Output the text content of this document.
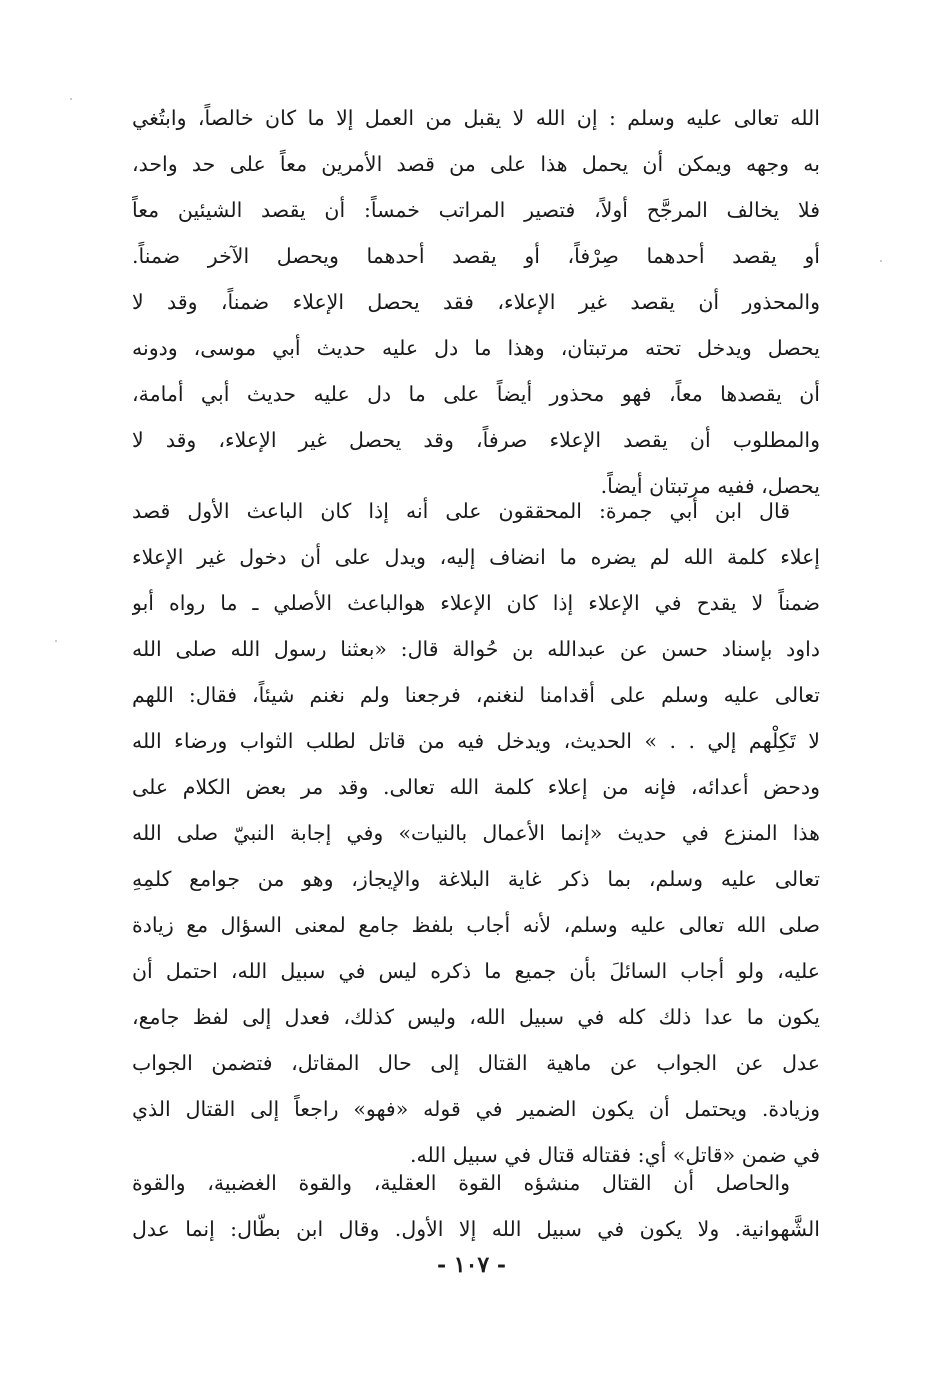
الله تعالى عليه وسلم : إن الله لا يقبل من العمل إلا ما كان خالصاً، وابتُغي
به وجهه ويمكن أن يحمل هذا على من قصد الأمرين معاً على حد واحد،
فلا يخالف المرجَّح أولاً، فتصير المراتب خمساً: أن يقصد الشيئين معاً
أو يقصد أحدهما صِرْفاً، أو يقصد أحدهما ويحصل الآخر ضمناً.
والمحذور أن يقصد غير الإعلاء، فقد يحصل الإعلاء ضمناً، وقد لا
يحصل ويدخل تحته مرتبتان، وهذا ما دل عليه حديث أبي موسى، ودونه
أن يقصدها معاً، فهو محذور أيضاً على ما دل عليه حديث أبي أمامة،
والمطلوب أن يقصد الإعلاء صرفاً، وقد يحصل غير الإعلاء، وقد لا
يحصل، ففيه مرتبتان أيضاً.
قال ابن أبي جمرة: المحققون على أنه إذا كان الباعث الأول قصد
إعلاء كلمة الله لم يضره ما انضاف إليه، ويدل على أن دخول غير الإعلاء
ضمناً لا يقدح في الإعلاء إذا كان الإعلاء هوالباعث الأصلي ـ ما رواه أبو
داود بإسناد حسن عن عبدالله بن حُوالة قال: «بعثنا رسول الله صلى الله
تعالى عليه وسلم على أقدامنا لنغنم، فرجعنا ولم نغنم شيئاً، فقال: اللهم
لا تَكِلْهم إلي . . » الحديث، ويدخل فيه من قاتل لطلب الثواب ورضاء الله
ودحض أعدائه، فإنه من إعلاء كلمة الله تعالى. وقد مر بعض الكلام على
هذا المنزع في حديث «إنما الأعمال بالنيات» وفي إجابة النبيّ صلى الله
تعالى عليه وسلم، بما ذكر غاية البلاغة والإيجاز، وهو من جوامع كلمِهِ
صلى الله تعالى عليه وسلم، لأنه أجاب بلفظ جامع لمعنى السؤال مع زيادة
عليه، ولو أجاب السائلَ بأن جميع ما ذكره ليس في سبيل الله، احتمل أن
يكون ما عدا ذلك كله في سبيل الله، وليس كذلك، فعدل إلى لفظ جامع،
عدل عن الجواب عن ماهية القتال إلى حال المقاتل، فتضمن الجواب
وزيادة. ويحتمل أن يكون الضمير في قوله «فهو» راجعاً إلى القتال الذي
في ضمن «قاتل» أي: فقتاله قتال في سبيل الله.
والحاصل أن القتال منشؤه القوة العقلية، والقوة الغضبية، والقوة
الشَّهوانية. ولا يكون في سبيل الله إلا الأول. وقال ابن بطّال: إنما عدل
- ١٠٧ -
